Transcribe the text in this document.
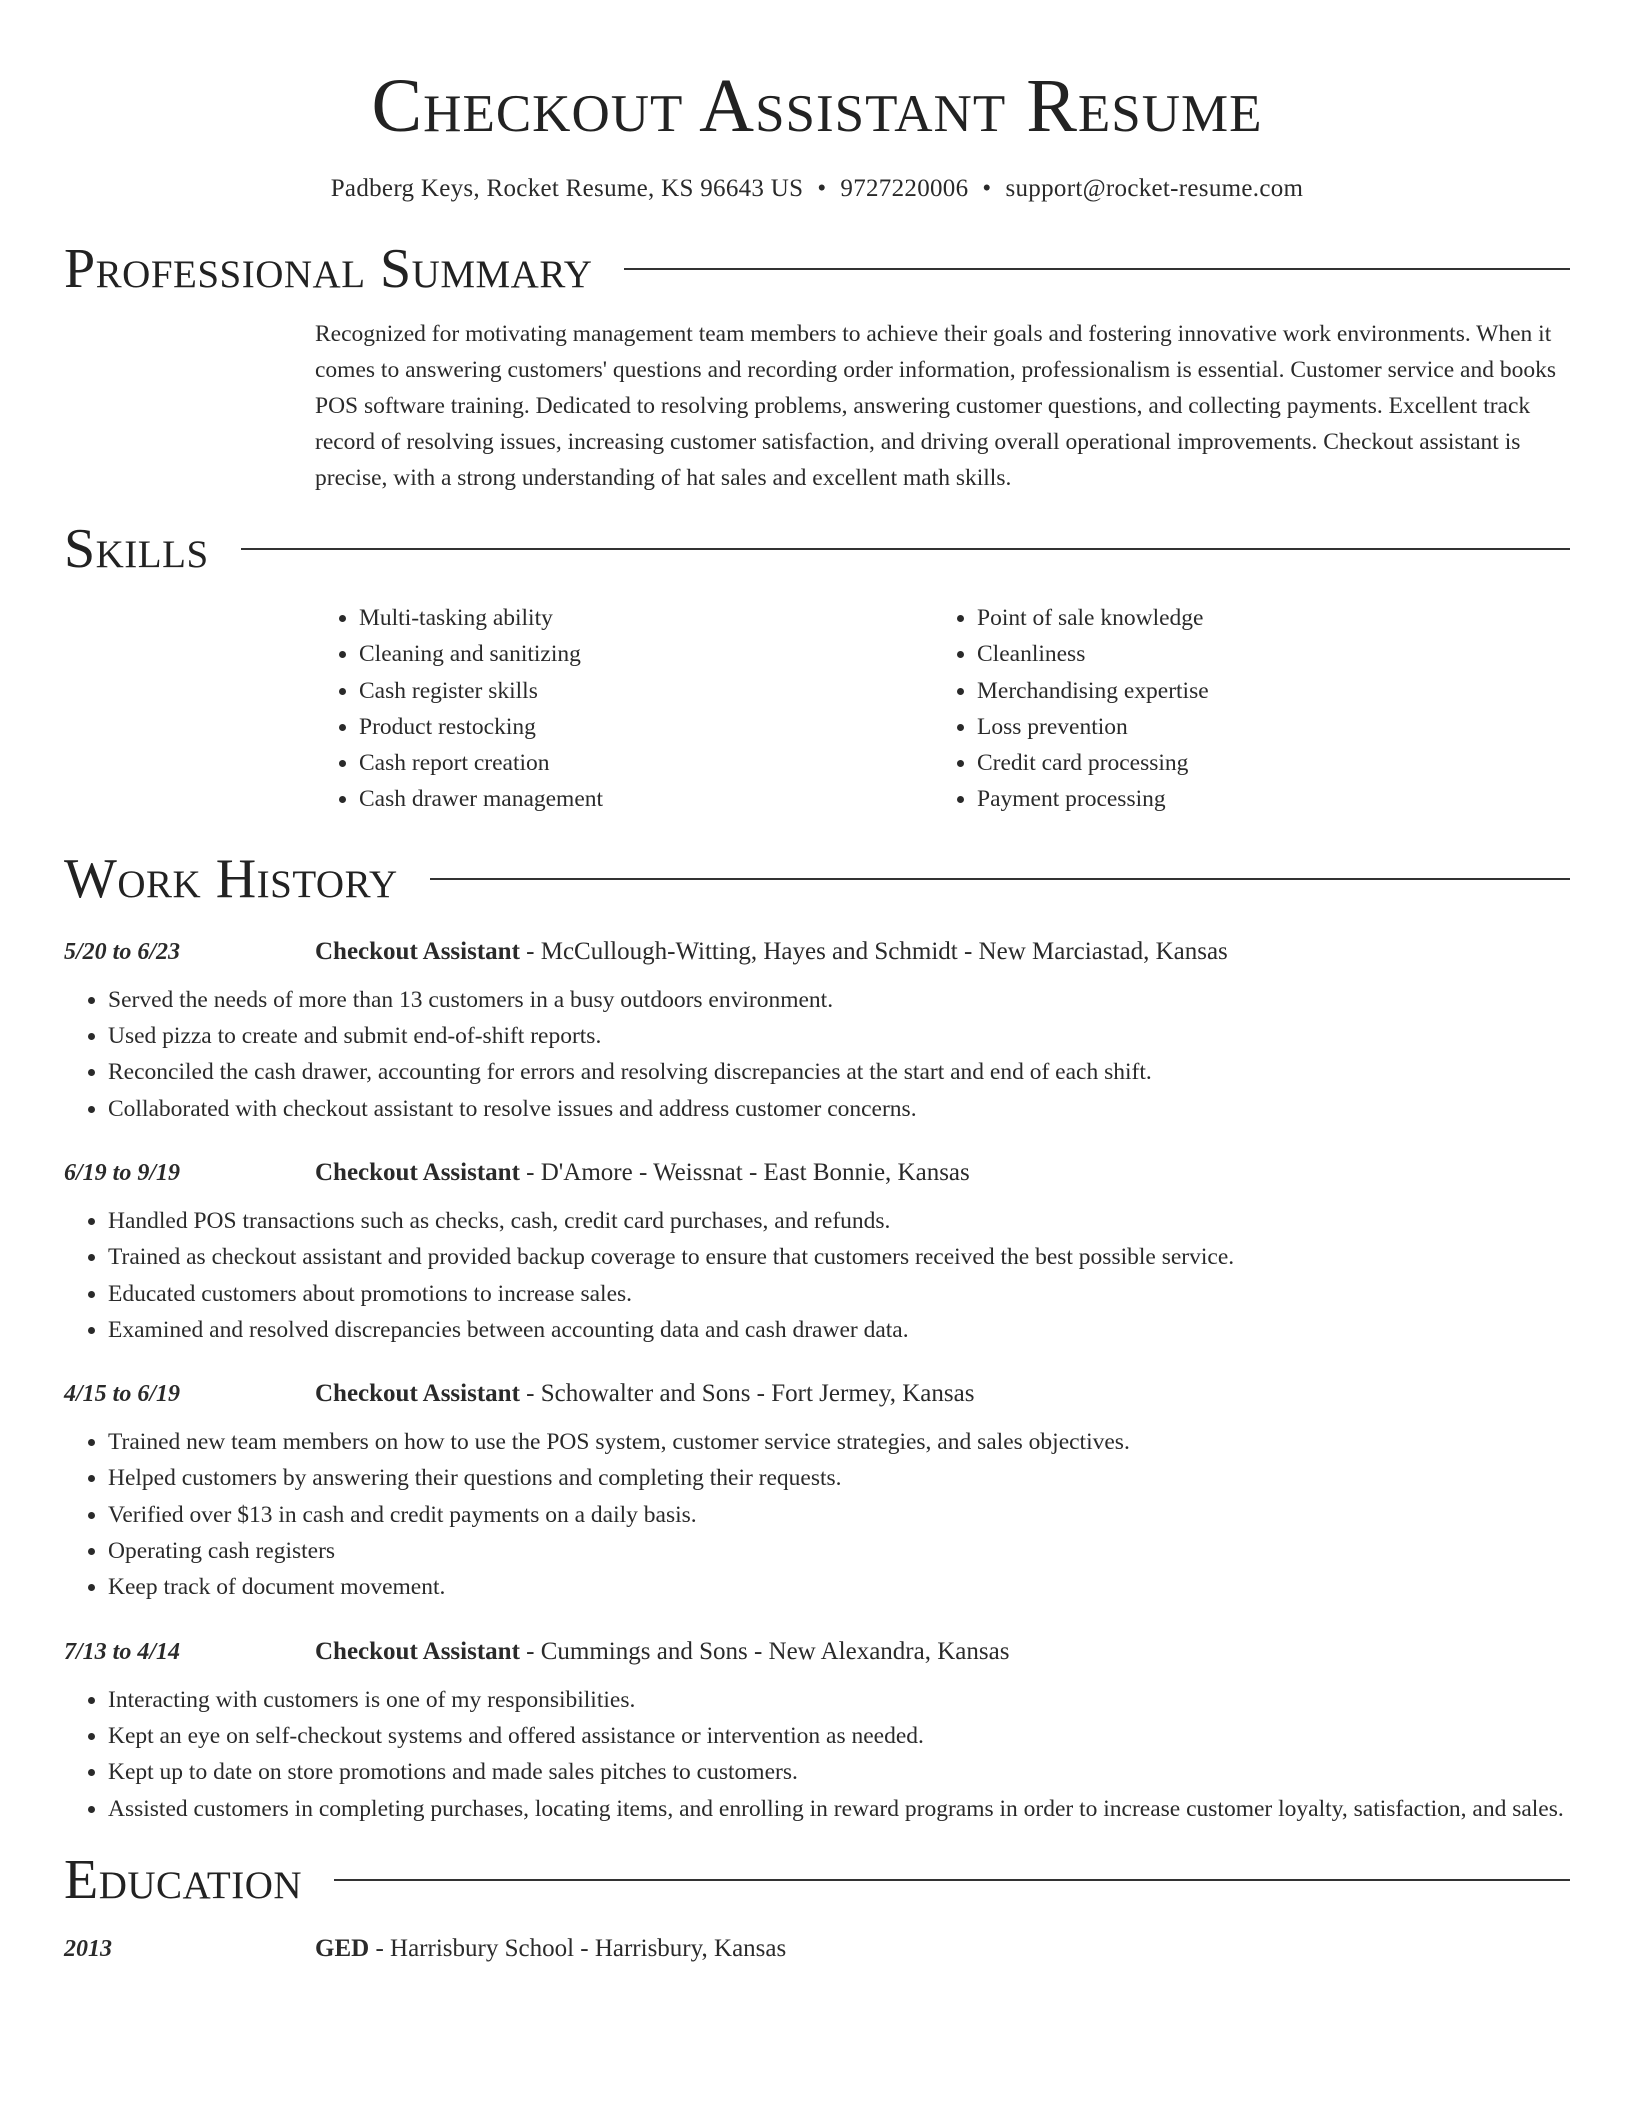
Checkout Assistant Resume
Padberg Keys, Rocket Resume, KS 96643 US • 9727220006 • support@rocket-resume.com
Professional Summary
Recognized for motivating management team members to achieve their goals and fostering innovative work environments. When it comes to answering customers' questions and recording order information, professionalism is essential. Customer service and books POS software training. Dedicated to resolving problems, answering customer questions, and collecting payments. Excellent track record of resolving issues, increasing customer satisfaction, and driving overall operational improvements. Checkout assistant is precise, with a strong understanding of hat sales and excellent math skills.
Skills
• Multi-tasking ability
• Cleaning and sanitizing
• Cash register skills
• Product restocking
• Cash report creation
• Cash drawer management
• Point of sale knowledge
• Cleanliness
• Merchandising expertise
• Loss prevention
• Credit card processing
• Payment processing
Work History
5/20 to 6/23	Checkout Assistant - McCullough-Witting, Hayes and Schmidt - New Marciastad, Kansas
• Served the needs of more than 13 customers in a busy outdoors environment.
• Used pizza to create and submit end-of-shift reports.
• Reconciled the cash drawer, accounting for errors and resolving discrepancies at the start and end of each shift.
• Collaborated with checkout assistant to resolve issues and address customer concerns.
6/19 to 9/19	Checkout Assistant - D'Amore - Weissnat - East Bonnie, Kansas
• Handled POS transactions such as checks, cash, credit card purchases, and refunds.
• Trained as checkout assistant and provided backup coverage to ensure that customers received the best possible service.
• Educated customers about promotions to increase sales.
• Examined and resolved discrepancies between accounting data and cash drawer data.
4/15 to 6/19	Checkout Assistant - Schowalter and Sons - Fort Jermey, Kansas
• Trained new team members on how to use the POS system, customer service strategies, and sales objectives.
• Helped customers by answering their questions and completing their requests.
• Verified over $13 in cash and credit payments on a daily basis.
• Operating cash registers
• Keep track of document movement.
7/13 to 4/14	Checkout Assistant - Cummings and Sons - New Alexandra, Kansas
• Interacting with customers is one of my responsibilities.
• Kept an eye on self-checkout systems and offered assistance or intervention as needed.
• Kept up to date on store promotions and made sales pitches to customers.
• Assisted customers in completing purchases, locating items, and enrolling in reward programs in order to increase customer loyalty, satisfaction, and sales.
Education
2013	GED - Harrisbury School - Harrisbury, Kansas
